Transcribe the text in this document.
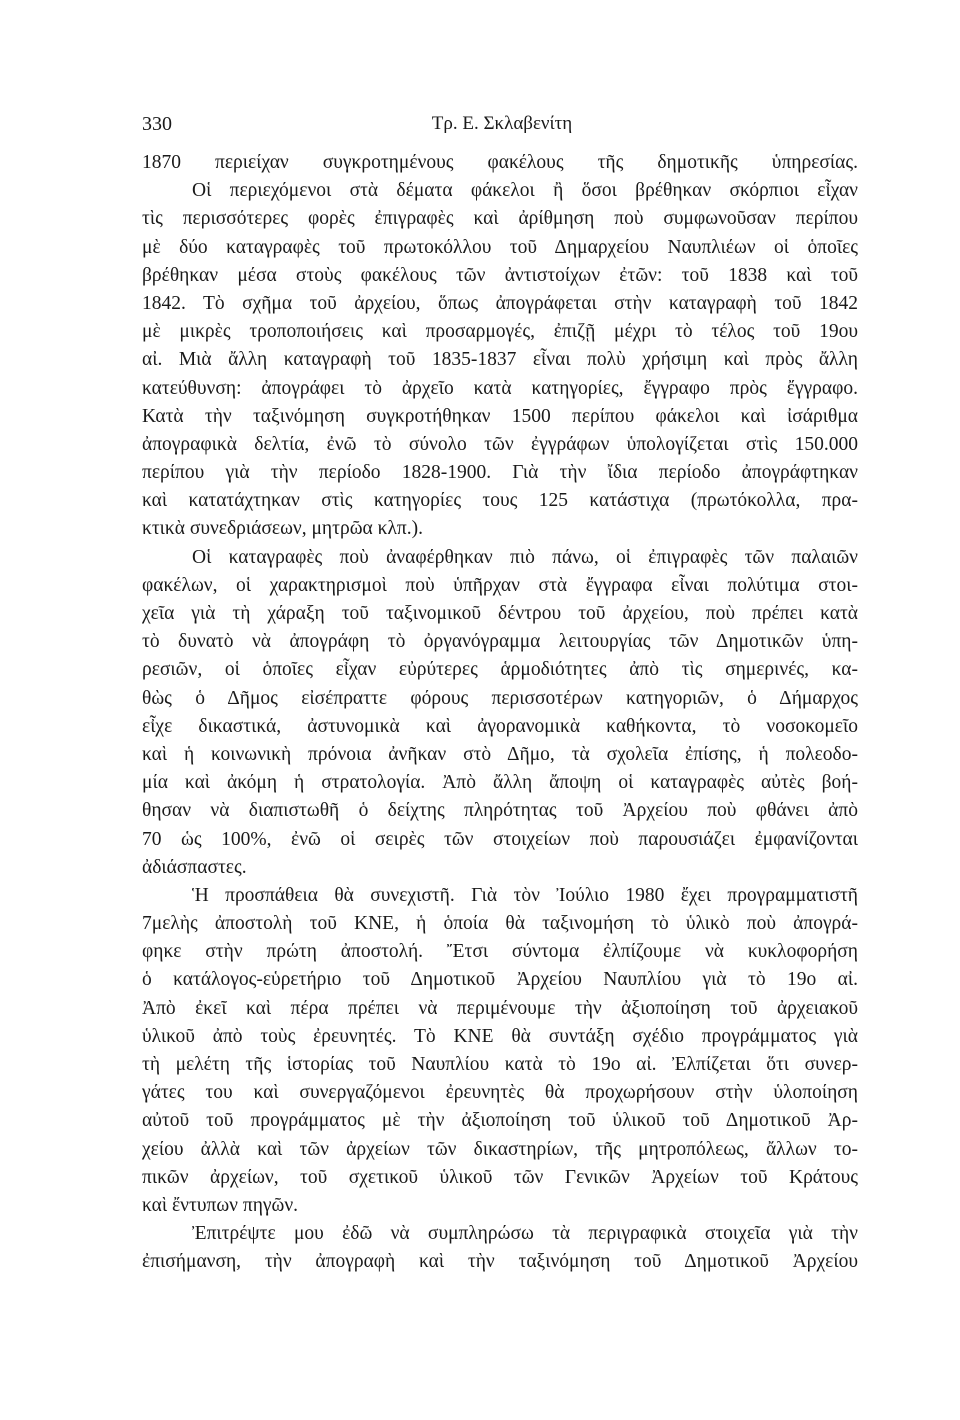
330	Τρ. Ε. Σκλαβενίτη
1870 περιείχαν συγκροτημένους φακέλους τῆς δημοτικῆς ὑπηρεσίας.
Οἱ περιεχόμενοι στὰ δέματα φάκελοι ἢ ὅσοι βρέθηκαν σκόρπιοι εἶχαν
τὶς περισσότερες φορὲς ἐπιγραφὲς καὶ ἀρίθμηση ποὺ συμφωνοῦσαν περίπου
μὲ δύο καταγραφὲς τοῦ πρωτοκόλλου τοῦ Δημαρχείου Ναυπλιέων οἱ ὁποῖες
βρέθηκαν μέσα στοὺς φακέλους τῶν ἀντιστοίχων ἐτῶν: τοῦ 1838 καὶ τοῦ
1842. Τὸ σχῆμα τοῦ ἀρχείου, ὅπως ἀπογράφεται στὴν καταγραφὴ τοῦ 1842
μὲ μικρὲς τροποποιήσεις καὶ προσαρμογές, ἐπιζῇ μέχρι τὸ τέλος τοῦ 19ου
αἰ. Μιὰ ἄλλη καταγραφὴ τοῦ 1835-1837 εἶναι πολὺ χρήσιμη καὶ πρὸς ἄλλη
κατεύθυνση: ἀπογράφει τὸ ἀρχεῖο κατὰ κατηγορίες, ἔγγραφο πρὸς ἔγγραφο.
Κατὰ τὴν ταξινόμηση συγκροτήθηκαν 1500 περίπου φάκελοι καὶ ἰσάριθμα
ἀπογραφικὰ δελτία, ἐνῶ τὸ σύνολο τῶν ἐγγράφων ὑπολογίζεται στὶς 150.000
περίπου γιὰ τὴν περίοδο 1828-1900. Γιὰ τὴν ἴδια περίοδο ἀπογράφτηκαν
καὶ κατατάχτηκαν στὶς κατηγορίες τους 125 κατάστιχα (πρωτόκολλα, πρα-
κτικὰ συνεδριάσεων, μητρῶα κλπ.).
Οἱ καταγραφὲς ποὺ ἀναφέρθηκαν πιὸ πάνω, οἱ ἐπιγραφὲς τῶν παλαιῶν
φακέλων, οἱ χαρακτηρισμοὶ ποὺ ὑπῆρχαν στὰ ἔγγραφα εἶναι πολύτιμα στοι-
χεῖα γιὰ τὴ χάραξη τοῦ ταξινομικοῦ δέντρου τοῦ ἀρχείου, ποὺ πρέπει κατὰ
τὸ δυνατὸ νὰ ἀπογράφη τὸ ὀργανόγραμμα λειτουργίας τῶν Δημοτικῶν ὑπη-
ρεσιῶν, οἱ ὁποῖες εἶχαν εὐρύτερες ἁρμοδιότητες ἀπὸ τὶς σημερινές, κα-
θὼς ὁ Δῆμος εἰσέπραττε φόρους περισσοτέρων κατηγοριῶν, ὁ Δήμαρχος
εἶχε δικαστικά, ἀστυνομικὰ καὶ ἀγορανομικὰ καθήκοντα, τὸ νοσοκομεῖο
καὶ ἡ κοινωνικὴ πρόνοια ἀνῆκαν στὸ Δῆμο, τὰ σχολεῖα ἐπίσης, ἡ πολεοδο-
μία καὶ ἀκόμη ἡ στρατολογία. Ἀπὸ ἄλλη ἄποψη οἱ καταγραφὲς αὐτὲς βοή-
θησαν νὰ διαπιστωθῆ ὁ δείχτης πληρότητας τοῦ Ἀρχείου ποὺ φθάνει ἀπὸ
70 ὡς 100%, ἐνῶ οἱ σειρὲς τῶν στοιχείων ποὺ παρουσιάζει ἐμφανίζονται
ἀδιάσπαστες.
Ἡ προσπάθεια θὰ συνεχιστῆ. Γιὰ τὸν Ἰούλιο 1980 ἔχει προγραμματιστῆ
7μελὴς ἀποστολὴ τοῦ ΚΝΕ, ἡ ὁποία θὰ ταξινομήση τὸ ὑλικὸ ποὺ ἀπογρά-
φηκε στὴν πρώτη ἀποστολή. Ἔτσι σύντομα ἐλπίζουμε νὰ κυκλοφορήση
ὁ κατάλογος-εὑρετήριο τοῦ Δημοτικοῦ Ἀρχείου Ναυπλίου γιὰ τὸ 19ο αἰ.
Ἀπὸ ἐκεῖ καὶ πέρα πρέπει νὰ περιμένουμε τὴν ἀξιοποίηση τοῦ ἀρχειακοῦ
ὑλικοῦ ἀπὸ τοὺς ἐρευνητές. Τὸ ΚΝΕ θὰ συντάξη σχέδιο προγράμματος γιὰ
τὴ μελέτη τῆς ἱστορίας τοῦ Ναυπλίου κατὰ τὸ 19ο αἰ. Ἐλπίζεται ὅτι συνερ-
γάτες του καὶ συνεργαζόμενοι ἐρευνητὲς θὰ προχωρήσουν στὴν ὑλοποίηση
αὐτοῦ τοῦ προγράμματος μὲ τὴν ἀξιοποίηση τοῦ ὑλικοῦ τοῦ Δημοτικοῦ Ἀρ-
χείου ἀλλὰ καὶ τῶν ἀρχείων τῶν δικαστηρίων, τῆς μητροπόλεως, ἄλλων το-
πικῶν ἀρχείων, τοῦ σχετικοῦ ὑλικοῦ τῶν Γενικῶν Ἀρχείων τοῦ Κράτους
καὶ ἔντυπων πηγῶν.
Ἐπιτρέψτε μου ἐδῶ νὰ συμπληρώσω τὰ περιγραφικὰ στοιχεῖα γιὰ τὴν
ἐπισήμανση, τὴν ἀπογραφὴ καὶ τὴν ταξινόμηση τοῦ Δημοτικοῦ Ἀρχείου
